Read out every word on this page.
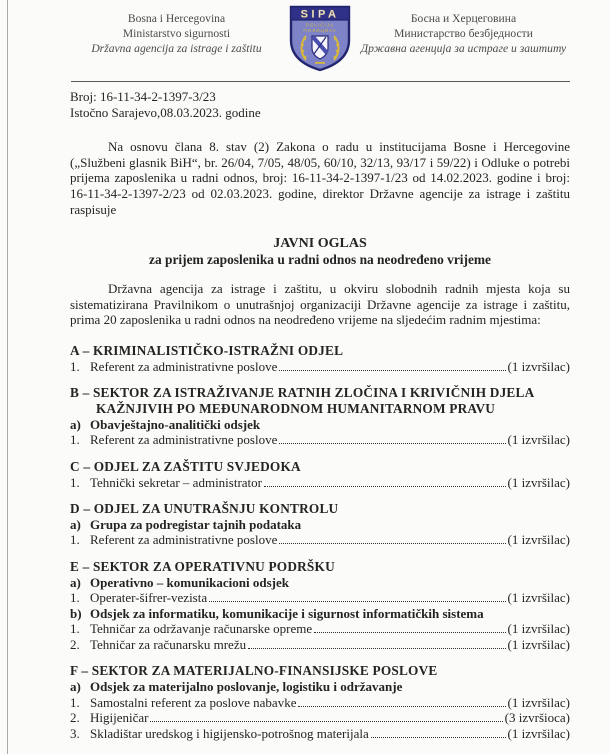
Bosna i Hercegovina
Ministarstvo sigurnosti
Državna agencija za istrage i zaštitu
SIPA
POLICIJA
ПОЛИЦИЈА
Босна и Херцеговина
Министарство безбједности
Државна агенција за истраге и заштиту
Broj: 16-11-34-2-1397-3/23
Istočno Sarajevo,08.03.2023. godine
Na osnovu člana 8. stav (2) Zakona o radu u institucijama Bosne i Hercegovine („Službeni glasnik BiH“, br. 26/04, 7/05, 48/05, 60/10, 32/13, 93/17 i 59/22) i Odluke o potrebi prijema zaposlenika u radni odnos, broj: 16-11-34-2-1397-1/23 od 14.02.2023. godine i broj: 16-11-34-2-1397-2/23 od 02.03.2023. godine, direktor Državne agencije za istrage i zaštitu raspisuje
JAVNI OGLAS
za prijem zaposlenika u radni odnos na neodređeno vrijeme
Državna agencija za istrage i zaštitu, u okviru slobodnih radnih mjesta koja su sistematizirana Pravilnikom o unutrašnjoj organizaciji Državne agencije za istrage i zaštitu, prima 20 zaposlenika u radni odnos na neodređeno vrijeme na sljedećim radnim mjestima:
A – KRIMINALISTIČKO-ISTRAŽNI ODJEL
1. Referent za administrativne poslove	(1 izvršilac)
B – SEKTOR ZA ISTRAŽIVANJE RATNIH ZLOČINA I KRIVIČNIH DJELA KAŽNJIVIH PO MEĐUNARODNOM HUMANITARNOM PRAVU
a) Obavještajno-analitički odsjek
1. Referent za administrativne poslove	(1 izvršilac)
C – ODJEL ZA ZAŠTITU SVJEDOKA
1. Tehnički sekretar – administrator	(1 izvršilac)
D – ODJEL ZA UNUTRAŠNJU KONTROLU
a) Grupa za podregistar tajnih podataka
1. Referent za administrativne poslove	(1 izvršilac)
E – SEKTOR ZA OPERATIVNU PODRŠKU
a) Operativno – komunikacioni odsjek
1. Operater-šifrer-vezista	(1 izvršilac)
b) Odsjek za informatiku, komunikacije i sigurnost informatičkih sistema
1. Tehničar za održavanje računarske opreme	(1 izvršilac)
2. Tehničar za računarsku mrežu	(1 izvršilac)
F – SEKTOR ZA MATERIJALNO-FINANSIJSKE POSLOVE
a) Odsjek za materijalno poslovanje, logistiku i održavanje
1. Samostalni referent za poslove nabavke	(1 izvršilac)
2. Higijeničar	(3 izvršioca)
3. Skladištar uredskog i higijensko-potrošnog materijala	(1 izvršilac)
